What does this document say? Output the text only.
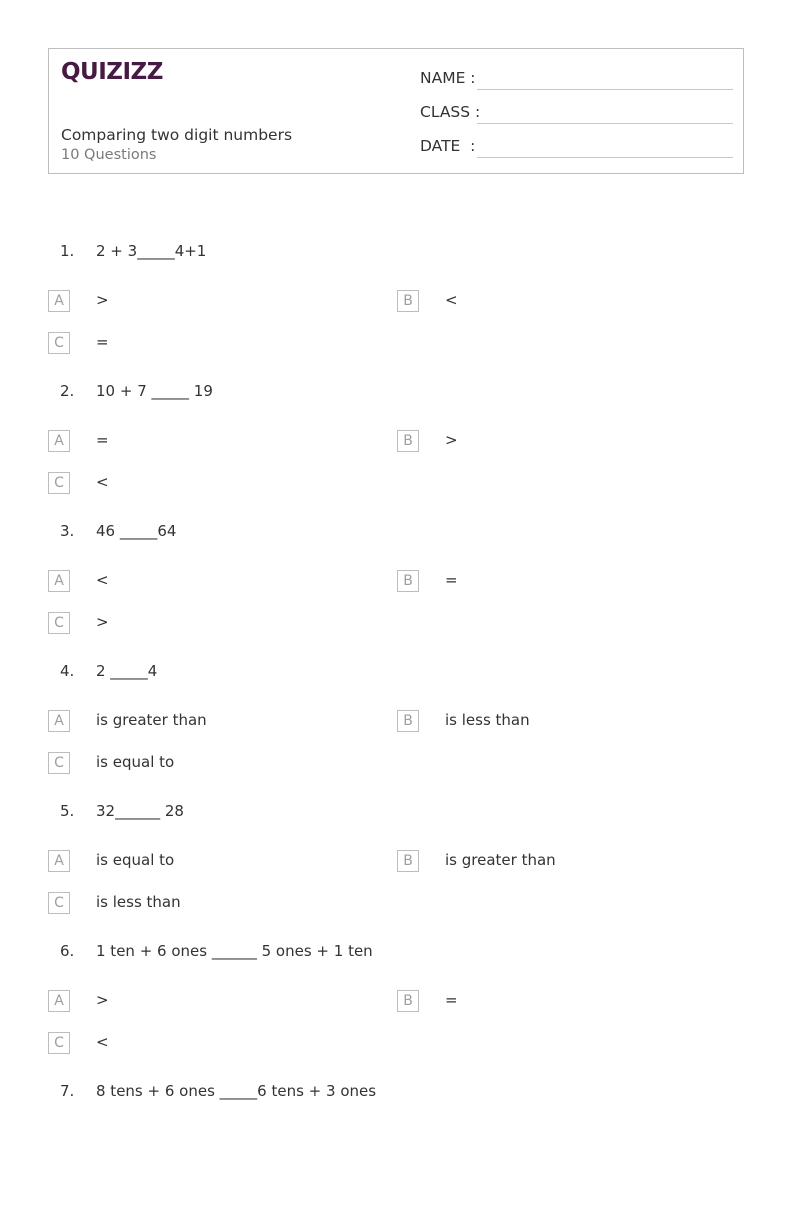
QUIZIZZ
Comparing two digit numbers
10 Questions
NAME :
CLASS :
DATE  :
1. 2 + 3_____4+1
A	>	B	<
C	=
2. 10 + 7 _____ 19
A	=	B	>
C	<
3. 46 _____64
A	<	B	=
C	>
4. 2 _____4
A	is greater than	B	is less than
C	is equal to
5. 32______ 28
A	is equal to	B	is greater than
C	is less than
6. 1 ten + 6 ones ______ 5 ones + 1 ten
A	>	B	=
C	<
7. 8 tens + 6 ones _____6 tens + 3 ones
